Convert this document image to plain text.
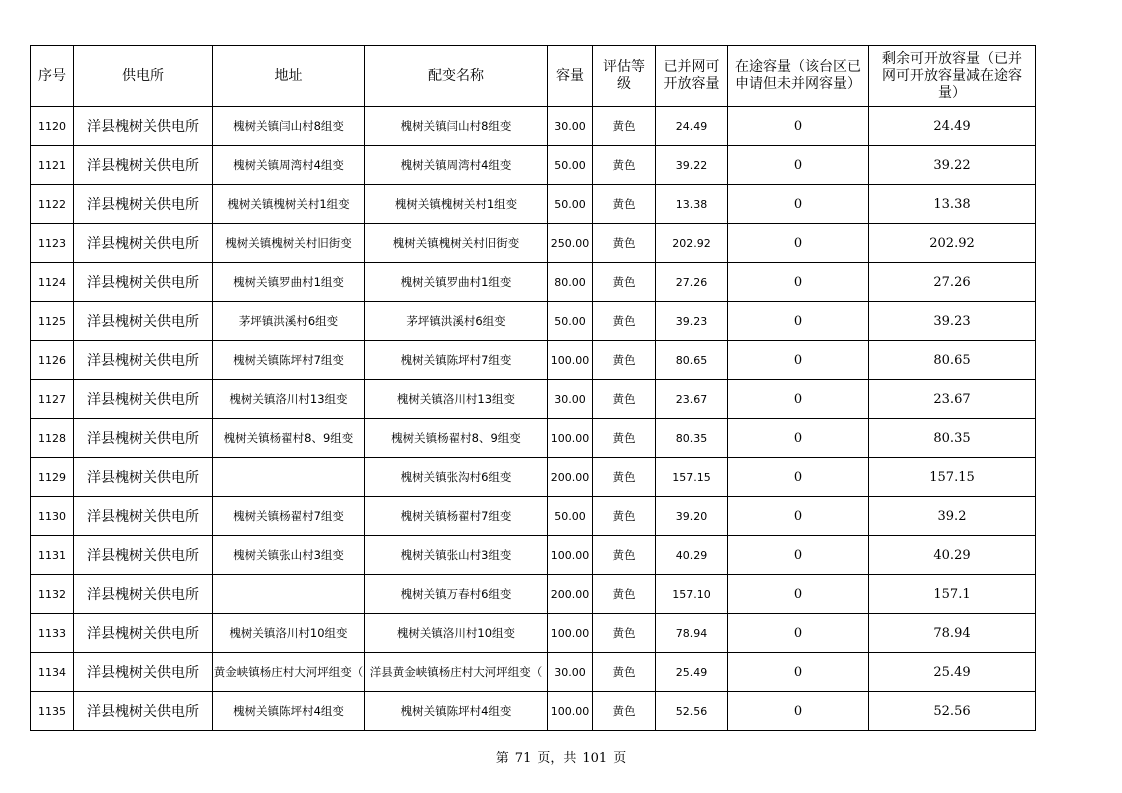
序号	供电所	地址	配变名称	容量	评估等级	已并网可开放容量	在途容量（该台区已申请但未并网容量）	剩余可开放容量（已并网可开放容量减在途容量）
1120	洋县槐树关供电所	槐树关镇闫山村8组变	槐树关镇闫山村8组变	30.00	黄色	24.49	0	24.49
1121	洋县槐树关供电所	槐树关镇周湾村4组变	槐树关镇周湾村4组变	50.00	黄色	39.22	0	39.22
1122	洋县槐树关供电所	槐树关镇槐树关村1组变	槐树关镇槐树关村1组变	50.00	黄色	13.38	0	13.38
1123	洋县槐树关供电所	槐树关镇槐树关村旧街变	槐树关镇槐树关村旧街变	250.00	黄色	202.92	0	202.92
1124	洋县槐树关供电所	槐树关镇罗曲村1组变	槐树关镇罗曲村1组变	80.00	黄色	27.26	0	27.26
1125	洋县槐树关供电所	茅坪镇洪溪村6组变	茅坪镇洪溪村6组变	50.00	黄色	39.23	0	39.23
1126	洋县槐树关供电所	槐树关镇陈坪村7组变	槐树关镇陈坪村7组变	100.00	黄色	80.65	0	80.65
1127	洋县槐树关供电所	槐树关镇洛川村13组变	槐树关镇洛川村13组变	30.00	黄色	23.67	0	23.67
1128	洋县槐树关供电所	槐树关镇杨翟村8、9组变	槐树关镇杨翟村8、9组变	100.00	黄色	80.35	0	80.35
1129	洋县槐树关供电所		槐树关镇张沟村6组变	200.00	黄色	157.15	0	157.15
1130	洋县槐树关供电所	槐树关镇杨翟村7组变	槐树关镇杨翟村7组变	50.00	黄色	39.20	0	39.2
1131	洋县槐树关供电所	槐树关镇张山村3组变	槐树关镇张山村3组变	100.00	黄色	40.29	0	40.29
1132	洋县槐树关供电所		槐树关镇万春村6组变	200.00	黄色	157.10	0	157.1
1133	洋县槐树关供电所	槐树关镇洛川村10组变	槐树关镇洛川村10组变	100.00	黄色	78.94	0	78.94
1134	洋县槐树关供电所	黄金峡镇杨庄村大河坪组变（	洋县黄金峡镇杨庄村大河坪组变（	30.00	黄色	25.49	0	25.49
1135	洋县槐树关供电所	槐树关镇陈坪村4组变	槐树关镇陈坪村4组变	100.00	黄色	52.56	0	52.56
第 71 页，共 101 页
